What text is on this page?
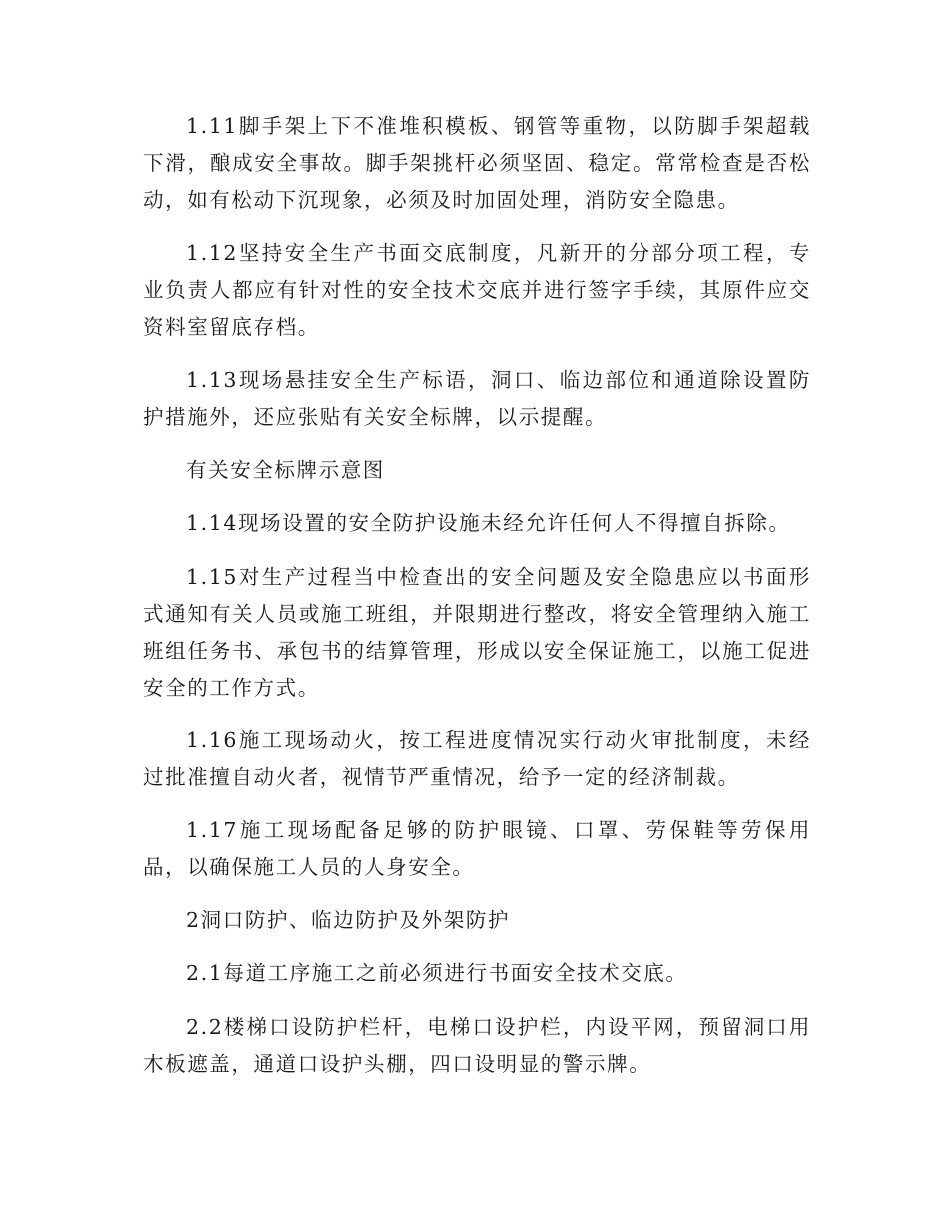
1.11脚手架上下不准堆积模板、钢管等重物，以防脚手架超载下滑，酿成安全事故。脚手架挑杆必须坚固、稳定。常常检查是否松动，如有松动下沉现象，必须及时加固处理，消防安全隐患。

1.12坚持安全生产书面交底制度，凡新开的分部分项工程，专业负责人都应有针对性的安全技术交底并进行签字手续，其原件应交资料室留底存档。

1.13现场悬挂安全生产标语，洞口、临边部位和通道除设置防护措施外，还应张贴有关安全标牌，以示提醒。

有关安全标牌示意图

1.14现场设置的安全防护设施未经允许任何人不得擅自拆除。

1.15对生产过程当中检查出的安全问题及安全隐患应以书面形式通知有关人员或施工班组，并限期进行整改，将安全管理纳入施工班组任务书、承包书的结算管理，形成以安全保证施工，以施工促进安全的工作方式。

1.16施工现场动火，按工程进度情况实行动火审批制度，未经过批准擅自动火者，视情节严重情况，给予一定的经济制裁。

1.17施工现场配备足够的防护眼镜、口罩、劳保鞋等劳保用品，以确保施工人员的人身安全。

2洞口防护、临边防护及外架防护

2.1每道工序施工之前必须进行书面安全技术交底。

2.2楼梯口设防护栏杆，电梯口设护栏，内设平网，预留洞口用木板遮盖，通道口设护头棚，四口设明显的警示牌。
